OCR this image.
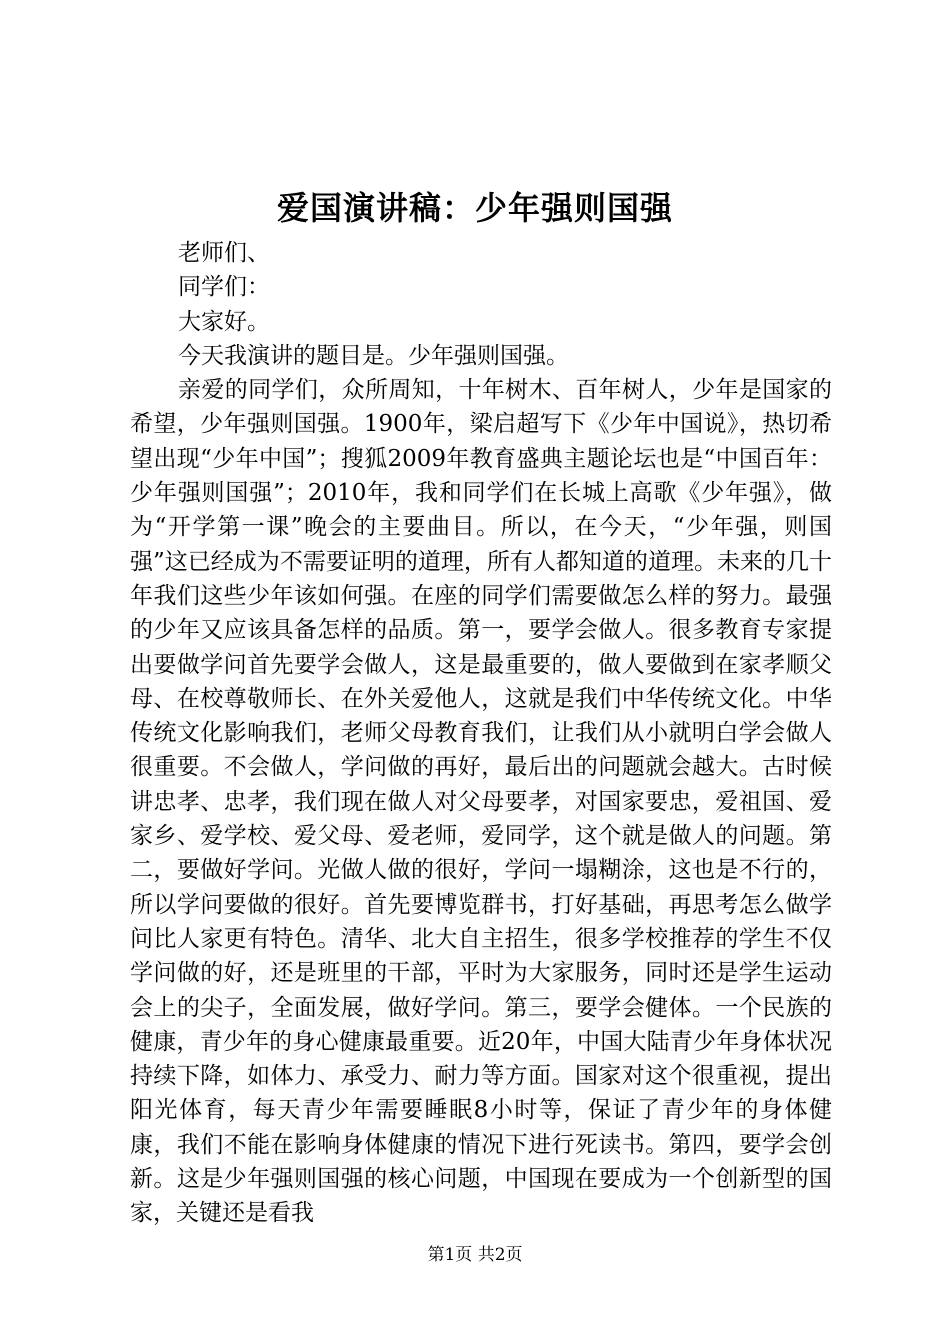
爱国演讲稿：少年强则国强

老师们、

同学们：

大家好。

今天我演讲的题目是。少年强则国强。

亲爱的同学们，众所周知，十年树木、百年树人，少年是国家的希望，少年强则国强。1900年，梁启超写下《少年中国说》，热切希望出现“少年中国”；搜狐2009年教育盛典主题论坛也是“中国百年：少年强则国强”；2010年，我和同学们在长城上高歌《少年强》，做为“开学第一课”晚会的主要曲目。所以，在今天，“少年强，则国强”这已经成为不需要证明的道理，所有人都知道的道理。未来的几十年我们这些少年该如何强。在座的同学们需要做怎么样的努力。最强的少年又应该具备怎样的品质。第一，要学会做人。很多教育专家提出要做学问首先要学会做人，这是最重要的，做人要做到在家孝顺父母、在校尊敬师长、在外关爱他人，这就是我们中华传统文化。中华传统文化影响我们，老师父母教育我们，让我们从小就明白学会做人很重要。不会做人，学问做的再好，最后出的问题就会越大。古时候讲忠孝、忠孝，我们现在做人对父母要孝，对国家要忠，爱祖国、爱家乡、爱学校、爱父母、爱老师，爱同学，这个就是做人的问题。第二，要做好学问。光做人做的很好，学问一塌糊涂，这也是不行的，所以学问要做的很好。首先要博览群书，打好基础，再思考怎么做学问比人家更有特色。清华、北大自主招生，很多学校推荐的学生不仅学问做的好，还是班里的干部，平时为大家服务，同时还是学生运动会上的尖子，全面发展，做好学问。第三，要学会健体。一个民族的健康，青少年的身心健康最重要。近20年，中国大陆青少年身体状况持续下降，如体力、承受力、耐力等方面。国家对这个很重视，提出阳光体育，每天青少年需要睡眠8小时等，保证了青少年的身体健康，我们不能在影响身体健康的情况下进行死读书。第四，要学会创新。这是少年强则国强的核心问题，中国现在要成为一个创新型的国家，关键还是看我

第1页 共2页
